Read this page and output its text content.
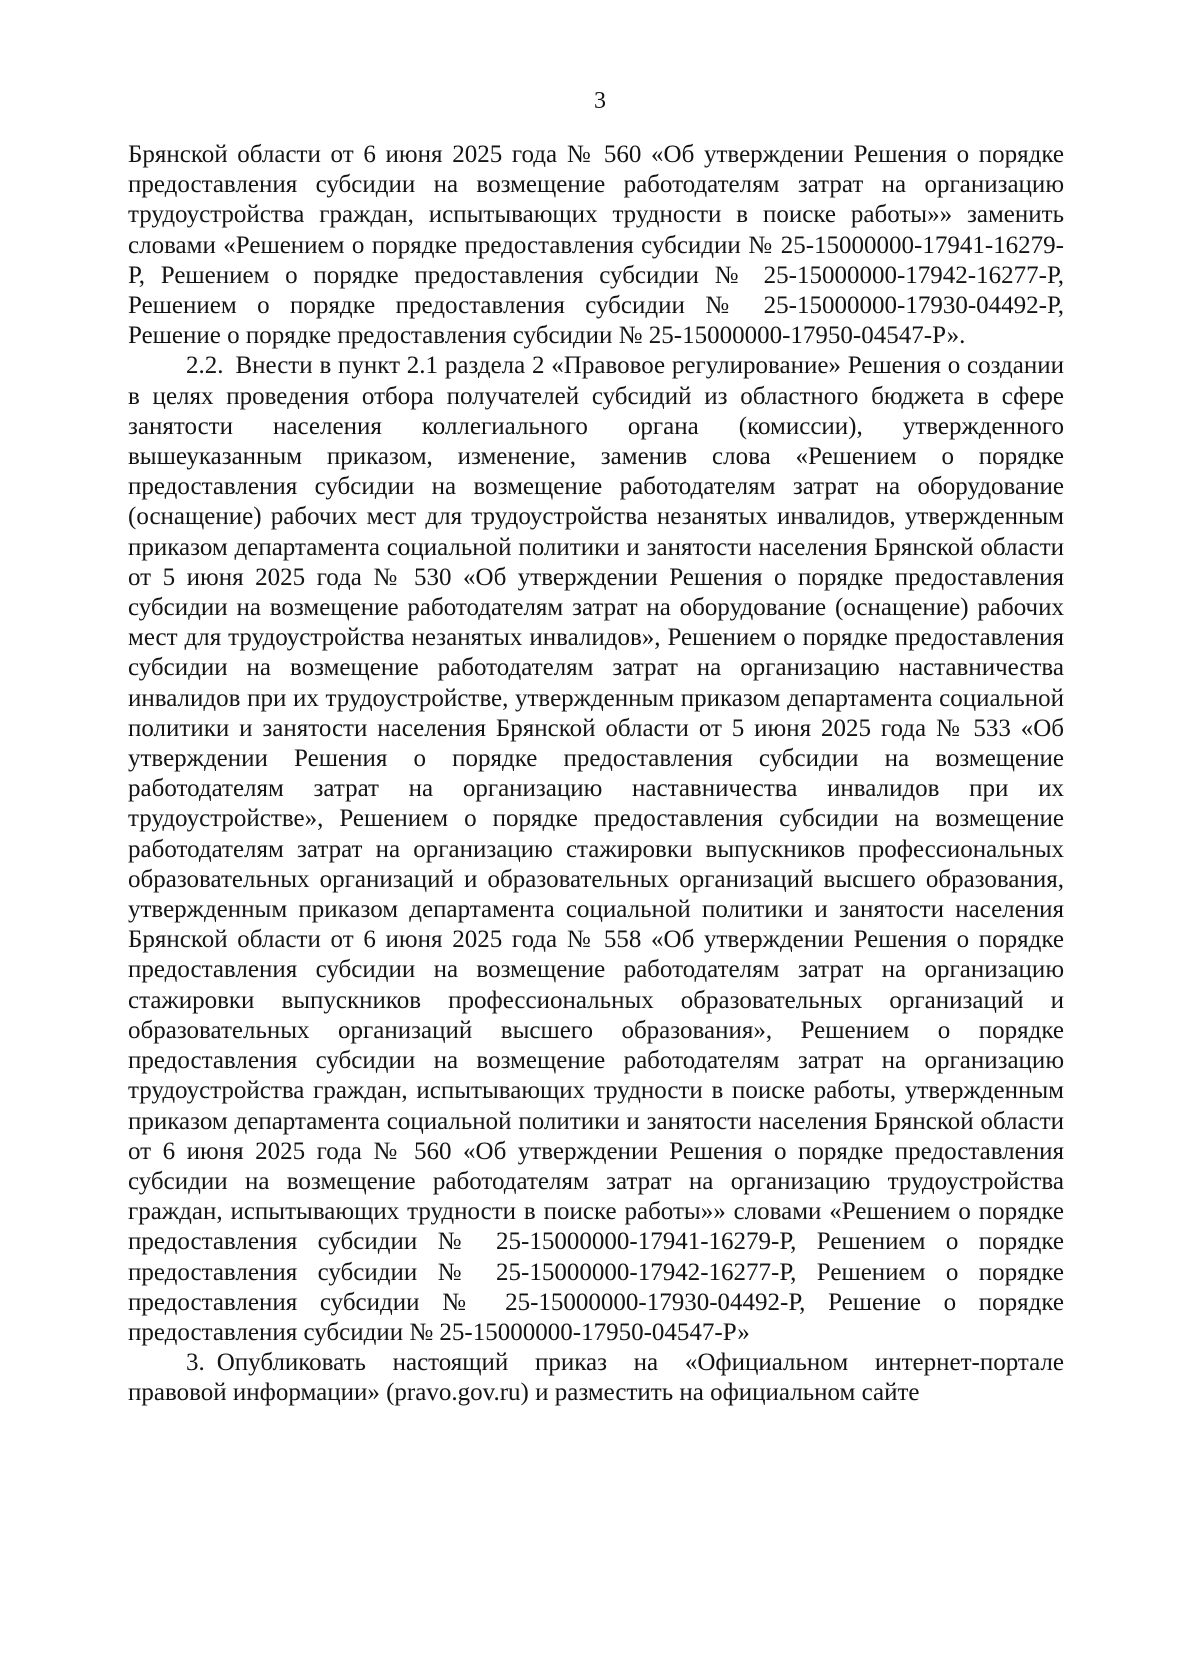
3

Брянской области от 6 июня 2025 года № 560 «Об утверждении Решения о порядке предоставления субсидии на возмещение работодателям затрат на организацию трудоустройства граждан, испытывающих трудности в поиске работы»» заменить словами «Решением о порядке предоставления субсидии № 25-15000000-17941-16279-Р, Решением о порядке предоставления субсидии № 25-15000000-17942-16277-Р, Решением о порядке предоставления субсидии № 25-15000000-17930-04492-Р, Решение о порядке предоставления субсидии № 25-15000000-17950-04547-Р».

2.2. Внести в пункт 2.1 раздела 2 «Правовое регулирование» Решения о создании в целях проведения отбора получателей субсидий из областного бюджета в сфере занятости населения коллегиального органа (комиссии), утвержденного вышеуказанным приказом, изменение, заменив слова «Решением о порядке предоставления субсидии на возмещение работодателям затрат на оборудование (оснащение) рабочих мест для трудоустройства незанятых инвалидов, утвержденным приказом департамента социальной политики и занятости населения Брянской области от 5 июня 2025 года № 530 «Об утверждении Решения о порядке предоставления субсидии на возмещение работодателям затрат на оборудование (оснащение) рабочих мест для трудоустройства незанятых инвалидов», Решением о порядке предоставления субсидии на возмещение работодателям затрат на организацию наставничества инвалидов при их трудоустройстве, утвержденным приказом департамента социальной политики и занятости населения Брянской области от 5 июня 2025 года № 533 «Об утверждении Решения о порядке предоставления субсидии на возмещение работодателям затрат на организацию наставничества инвалидов при их трудоустройстве», Решением о порядке предоставления субсидии на возмещение работодателям затрат на организацию стажировки выпускников профессиональных образовательных организаций и образовательных организаций высшего образования, утвержденным приказом департамента социальной политики и занятости населения Брянской области от 6 июня 2025 года № 558 «Об утверждении Решения о порядке предоставления субсидии на возмещение работодателям затрат на организацию стажировки выпускников профессиональных образовательных организаций и образовательных организаций высшего образования», Решением о порядке предоставления субсидии на возмещение работодателям затрат на организацию трудоустройства граждан, испытывающих трудности в поиске работы, утвержденным приказом департамента социальной политики и занятости населения Брянской области от 6 июня 2025 года № 560 «Об утверждении Решения о порядке предоставления субсидии на возмещение работодателям затрат на организацию трудоустройства граждан, испытывающих трудности в поиске работы»» словами «Решением о порядке предоставления субсидии № 25-15000000-17941-16279-Р, Решением о порядке предоставления субсидии № 25-15000000-17942-16277-Р, Решением о порядке предоставления субсидии № 25-15000000-17930-04492-Р, Решение о порядке предоставления субсидии № 25-15000000-17950-04547-Р»

3. Опубликовать настоящий приказ на «Официальном интернет-портале правовой информации» (pravo.gov.ru) и разместить на официальном сайте
